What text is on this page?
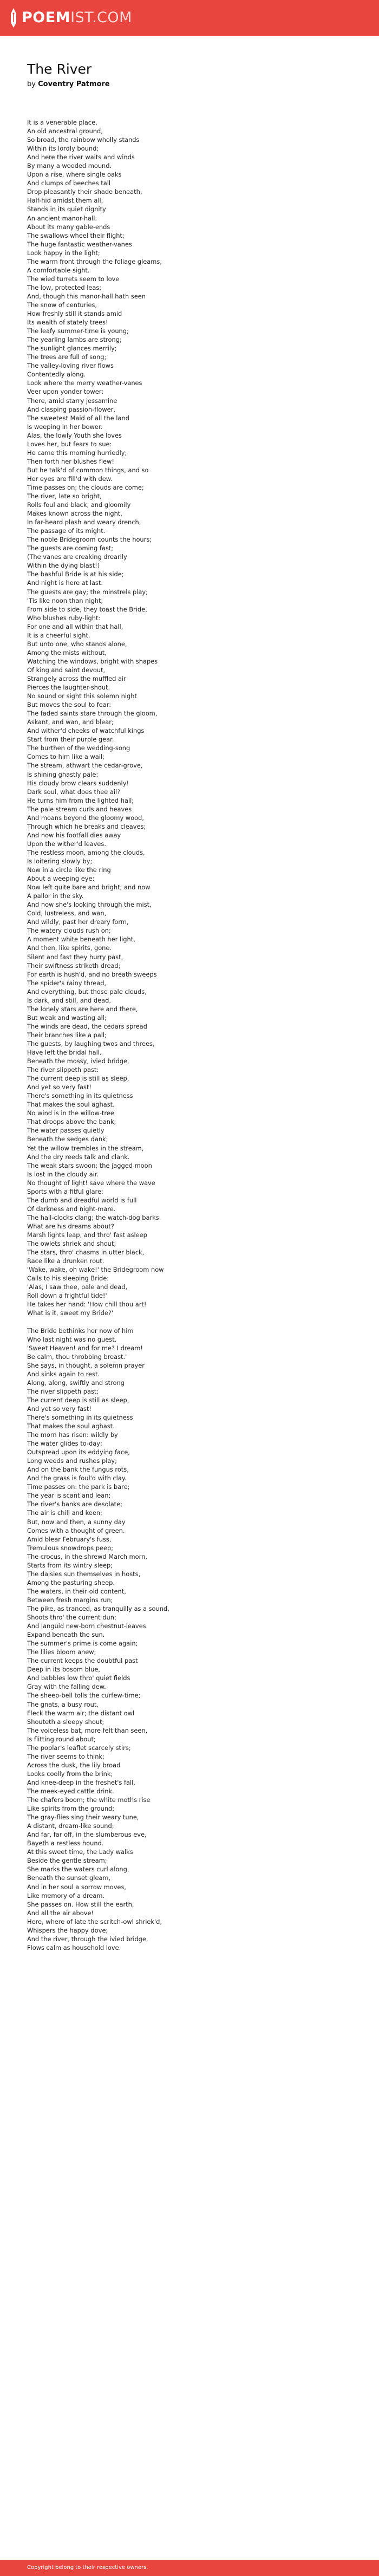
POEMIST.COM
The River
by Coventry Patmore
It is a venerable place,
An old ancestral ground,
So broad, the rainbow wholly stands
Within its lordly bound;
And here the river waits and winds
By many a wooded mound.
Upon a rise, where single oaks
And clumps of beeches tall
Drop pleasantly their shade beneath,
Half-hid amidst them all,
Stands in its quiet dignity
An ancient manor-hall.
About its many gable-ends
The swallows wheel their flight;
The huge fantastic weather-vanes
Look happy in the light;
The warm front through the foliage gleams,
A comfortable sight.
The wied turrets seem to love
The low, protected leas;
And, though this manor-hall hath seen
The snow of centuries,
How freshly still it stands amid
Its wealth of stately trees!
The leafy summer-time is young;
The yearling lambs are strong;
The sunlight glances merrily;
The trees are full of song;
The valley-loving river flows
Contentedly along.
Look where the merry weather-vanes
Veer upon yonder tower:
There, amid starry jessamine
And clasping passion-flower,
The sweetest Maid of all the land
Is weeping in her bower.
Alas, the lowly Youth she loves
Loves her, but fears to sue:
He came this morning hurriedly;
Then forth her blushes flew!
But he talk'd of common things, and so
Her eyes are fill'd with dew.
Time passes on; the clouds are come;
The river, late so bright,
Rolls foul and black, and gloomily
Makes known across the night,
In far-heard plash and weary drench,
The passage of its might.
The noble Bridegroom counts the hours;
The guests are coming fast;
(The vanes are creaking drearily
Within the dying blast!)
The bashful Bride is at his side;
And night is here at last.
The guests are gay; the minstrels play;
'Tis like noon than night;
From side to side, they toast the Bride,
Who blushes ruby-light:
For one and all within that hall,
It is a cheerful sight.
But unto one, who stands alone,
Among the mists without,
Watching the windows, bright with shapes
Of king and saint devout,
Strangely across the muffled air
Pierces the laughter-shout.
No sound or sight this solemn night
But moves the soul to fear:
The faded saints stare through the gloom,
Askant, and wan, and blear;
And wither'd cheeks of watchful kings
Start from their purple gear.
The burthen of the wedding-song
Comes to him like a wail;
The stream, athwart the cedar-grove,
Is shining ghastly pale:
His cloudy brow clears suddenly!
Dark soul, what does thee ail?
He turns him from the lighted hall;
The pale stream curls and heaves
And moans beyond the gloomy wood,
Through which he breaks and cleaves;
And now his footfall dies away
Upon the wither'd leaves.
The restless moon, among the clouds,
Is loitering slowly by;
Now in a circle like the ring
About a weeping eye;
Now left quite bare and bright; and now
A pallor in the sky.
And now she's looking through the mist,
Cold, lustreless, and wan,
And wildly, past her dreary form,
The watery clouds rush on;
A moment white beneath her light,
And then, like spirits, gone.
Silent and fast they hurry past,
Their swiftness striketh dread;
For earth is hush'd, and no breath sweeps
The spider's rainy thread,
And everything, but those pale clouds,
Is dark, and still, and dead.
The lonely stars are here and there,
But weak and wasting all;
The winds are dead, the cedars spread
Their branches like a pall;
The guests, by laughing twos and threes,
Have left the bridal hall.
Beneath the mossy, ivied bridge,
The river slippeth past:
The current deep is still as sleep,
And yet so very fast!
There's something in its quietness
That makes the soul aghast.
No wind is in the willow-tree
That droops above the bank;
The water passes quietly
Beneath the sedges dank;
Yet the willow trembles in the stream,
And the dry reeds talk and clank.
The weak stars swoon; the jagged moon
Is lost in the cloudy air.
No thought of light! save where the wave
Sports with a fitful glare:
The dumb and dreadful world is full
Of darkness and night-mare.
The hall-clocks clang; the watch-dog barks.
What are his dreams about?
Marsh lights leap, and thro' fast asleep
The owlets shriek and shout;
The stars, thro' chasms in utter black,
Race like a drunken rout.
'Wake, wake, oh wake!' the Bridegroom now
Calls to his sleeping Bride:
'Alas, I saw thee, pale and dead,
Roll down a frightful tide!'
He takes her hand: 'How chill thou art!
What is it, sweet my Bride?'
The Bride bethinks her now of him
Who last night was no guest.
'Sweet Heaven! and for me? I dream!
Be calm, thou throbbing breast.'
She says, in thought, a solemn prayer
And sinks again to rest.
Along, along, swiftly and strong
The river slippeth past;
The current deep is still as sleep,
And yet so very fast!
There's something in its quietness
That makes the soul aghast.
The morn has risen: wildly by
The water glides to-day;
Outspread upon its eddying face,
Long weeds and rushes play;
And on the bank the fungus rots,
And the grass is foul'd with clay.
Time passes on: the park is bare;
The year is scant and lean;
The river's banks are desolate;
The air is chill and keen;
But, now and then, a sunny day
Comes with a thought of green.
Amid blear February's fuss,
Tremulous snowdrops peep;
The crocus, in the shrewd March morn,
Starts from its wintry sleep;
The daisies sun themselves in hosts,
Among the pasturing sheep.
The waters, in their old content,
Between fresh margins run;
The pike, as tranced, as tranquilly as a sound,
Shoots thro' the current dun;
And languid new-born chestnut-leaves
Expand beneath the sun.
The summer's prime is come again;
The lilies bloom anew;
The current keeps the doubtful past
Deep in its bosom blue,
And babbles low thro' quiet fields
Gray with the falling dew.
The sheep-bell tolls the curfew-time;
The gnats, a busy rout,
Fleck the warm air; the distant owl
Shouteth a sleepy shout;
The voiceless bat, more felt than seen,
Is flitting round about;
The poplar's leaflet scarcely stirs;
The river seems to think;
Across the dusk, the lily broad
Looks coolly from the brink;
And knee-deep in the freshet's fall,
The meek-eyed cattle drink.
The chafers boom; the white moths rise
Like spirits from the ground;
The gray-flies sing their weary tune,
A distant, dream-like sound;
And far, far off, in the slumberous eve,
Bayeth a restless hound.
At this sweet time, the Lady walks
Beside the gentle stream;
She marks the waters curl along,
Beneath the sunset gleam,
And in her soul a sorrow moves,
Like memory of a dream.
She passes on. How still the earth,
And all the air above!
Here, where of late the scritch-owl shriek'd,
Whispers the happy dove;
And the river, through the ivied bridge,
Flows calm as household love.
Copyright belong to their respective owners.
